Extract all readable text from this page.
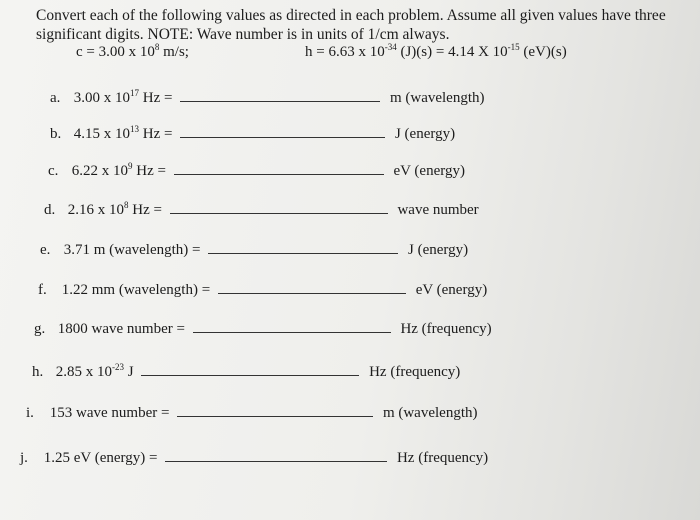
Convert each of the following values as directed in each problem. Assume all given values have three significant digits. NOTE: Wave number is in units of 1/cm always.
c = 3.00 x $10^8$ m/s;	h = 6.63 x $10^{-34}$ (J)(s) = 4.14 X $10^{-15}$ (eV)(s)
a. 3.00 x $10^{17}$ Hz =	m (wavelength)
b. 4.15 x $10^{13}$ Hz =	J (energy)
c. 6.22 x $10^9$ Hz =	eV (energy)
d. 2.16 x $10^8$ Hz =	wave number
e. 3.71 m (wavelength) =	J (energy)
f. 1.22 mm (wavelength) =	eV (energy)
g. 1800 wave number =	Hz (frequency)
h. 2.85 x $10^{-23}$ J	Hz (frequency)
i. 153 wave number =	m (wavelength)
j. 1.25 eV (energy) =	Hz (frequency)
